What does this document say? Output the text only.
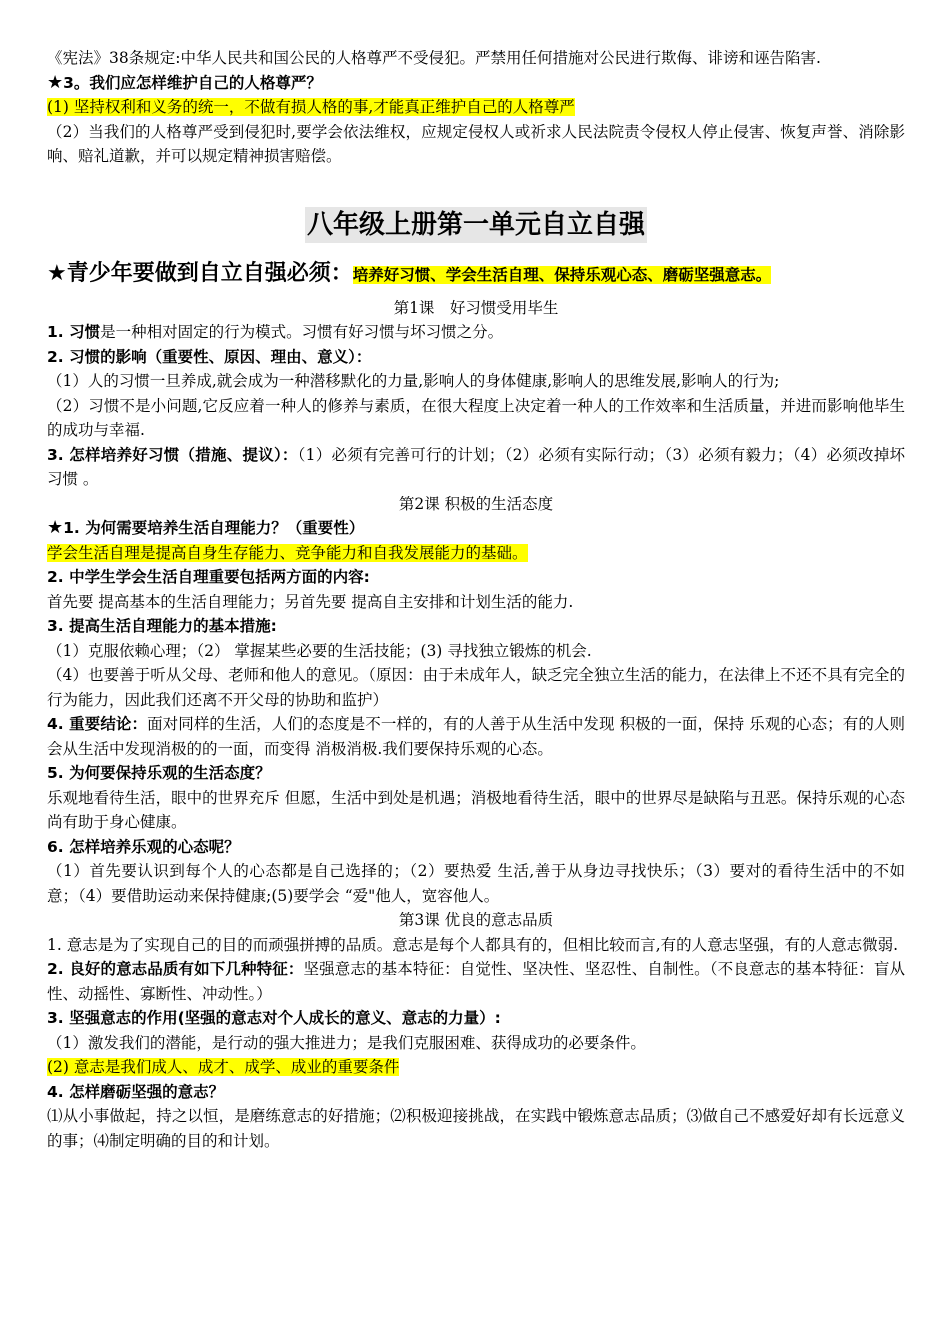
《宪法》38条规定:中华人民共和国公民的人格尊严不受侵犯。严禁用任何措施对公民进行欺侮、诽谤和诬告陷害.

★3。我们应怎样维护自己的人格尊严？

(1) 坚持权利和义务的统一，不做有损人格的事,才能真正维护自己的人格尊严

（2）当我们的人格尊严受到侵犯时,要学会依法维权，应规定侵权人或祈求人民法院责令侵权人停止侵害、恢复声誉、消除影响、赔礼道歉，并可以规定精神损害赔偿。

八年级上册第一单元自立自强

★青少年要做到自立自强必须：培养好习惯、学会生活自理、保持乐观心态、磨砺坚强意志。

第1课　好习惯受用毕生

1. 习惯是一种相对固定的行为模式。习惯有好习惯与坏习惯之分。

2. 习惯的影响（重要性、原因、理由、意义）：

（1）人的习惯一旦养成,就会成为一种潜移默化的力量,影响人的身体健康,影响人的思维发展,影响人的行为;

（2）习惯不是小问题,它反应着一种人的修养与素质，在很大程度上决定着一种人的工作效率和生活质量，并进而影响他毕生的成功与幸福.

3. 怎样培养好习惯（措施、提议）：（1）必须有完善可行的计划；（2）必须有实际行动；（3）必须有毅力；（4）必须改掉坏习惯 。

第2课 积极的生活态度

★1. 为何需要培养生活自理能力？（重要性）

学会生活自理是提高自身生存能力、竞争能力和自我发展能力的基础。

2. 中学生学会生活自理重要包括两方面的内容:

首先要 提高基本的生活自理能力；另首先要 提高自主安排和计划生活的能力.

3. 提高生活自理能力的基本措施:

（1）克服依赖心理；（2） 掌握某些必要的生活技能；(3) 寻找独立锻炼的机会.

（4）也要善于听从父母、老师和他人的意见。（原因：由于未成年人，缺乏完全独立生活的能力，在法律上不还不具有完全的行为能力，因此我们还离不开父母的协助和监护）

4. 重要结论：面对同样的生活，人们的态度是不一样的，有的人善于从生活中发现 积极的一面，保持 乐观的心态；有的人则会从生活中发现消极的的一面，而变得 消极消极.我们要保持乐观的心态。

5. 为何要保持乐观的生活态度？

乐观地看待生活，眼中的世界充斥 但愿，生活中到处是机遇；消极地看待生活，眼中的世界尽是缺陷与丑恶。保持乐观的心态尚有助于身心健康。

6. 怎样培养乐观的心态呢？

（1）首先要认识到每个人的心态都是自己选择的；（2）要热爱 生活,善于从身边寻找快乐；（3）要对的看待生活中的不如意；（4）要借助运动来保持健康;(5)要学会 “爱"他人，宽容他人。

第3课 优良的意志品质

1. 意志是为了实现自己的目的而顽强拼搏的品质。意志是每个人都具有的，但相比较而言,有的人意志坚强，有的人意志微弱.

2. 良好的意志品质有如下几种特征：坚强意志的基本特征：自觉性、坚决性、坚忍性、自制性。（不良意志的基本特征：盲从性、动摇性、寡断性、冲动性。）

3. 坚强意志的作用(坚强的意志对个人成长的意义、意志的力量）:

（1）激发我们的潜能，是行动的强大推进力；是我们克服困难、获得成功的必要条件。

(2) 意志是我们成人、成才、成学、成业的重要条件

4. 怎样磨砺坚强的意志？

⑴从小事做起，持之以恒，是磨练意志的好措施；⑵积极迎接挑战，在实践中锻炼意志品质；⑶做自己不感爱好却有长远意义的事；⑷制定明确的目的和计划。
